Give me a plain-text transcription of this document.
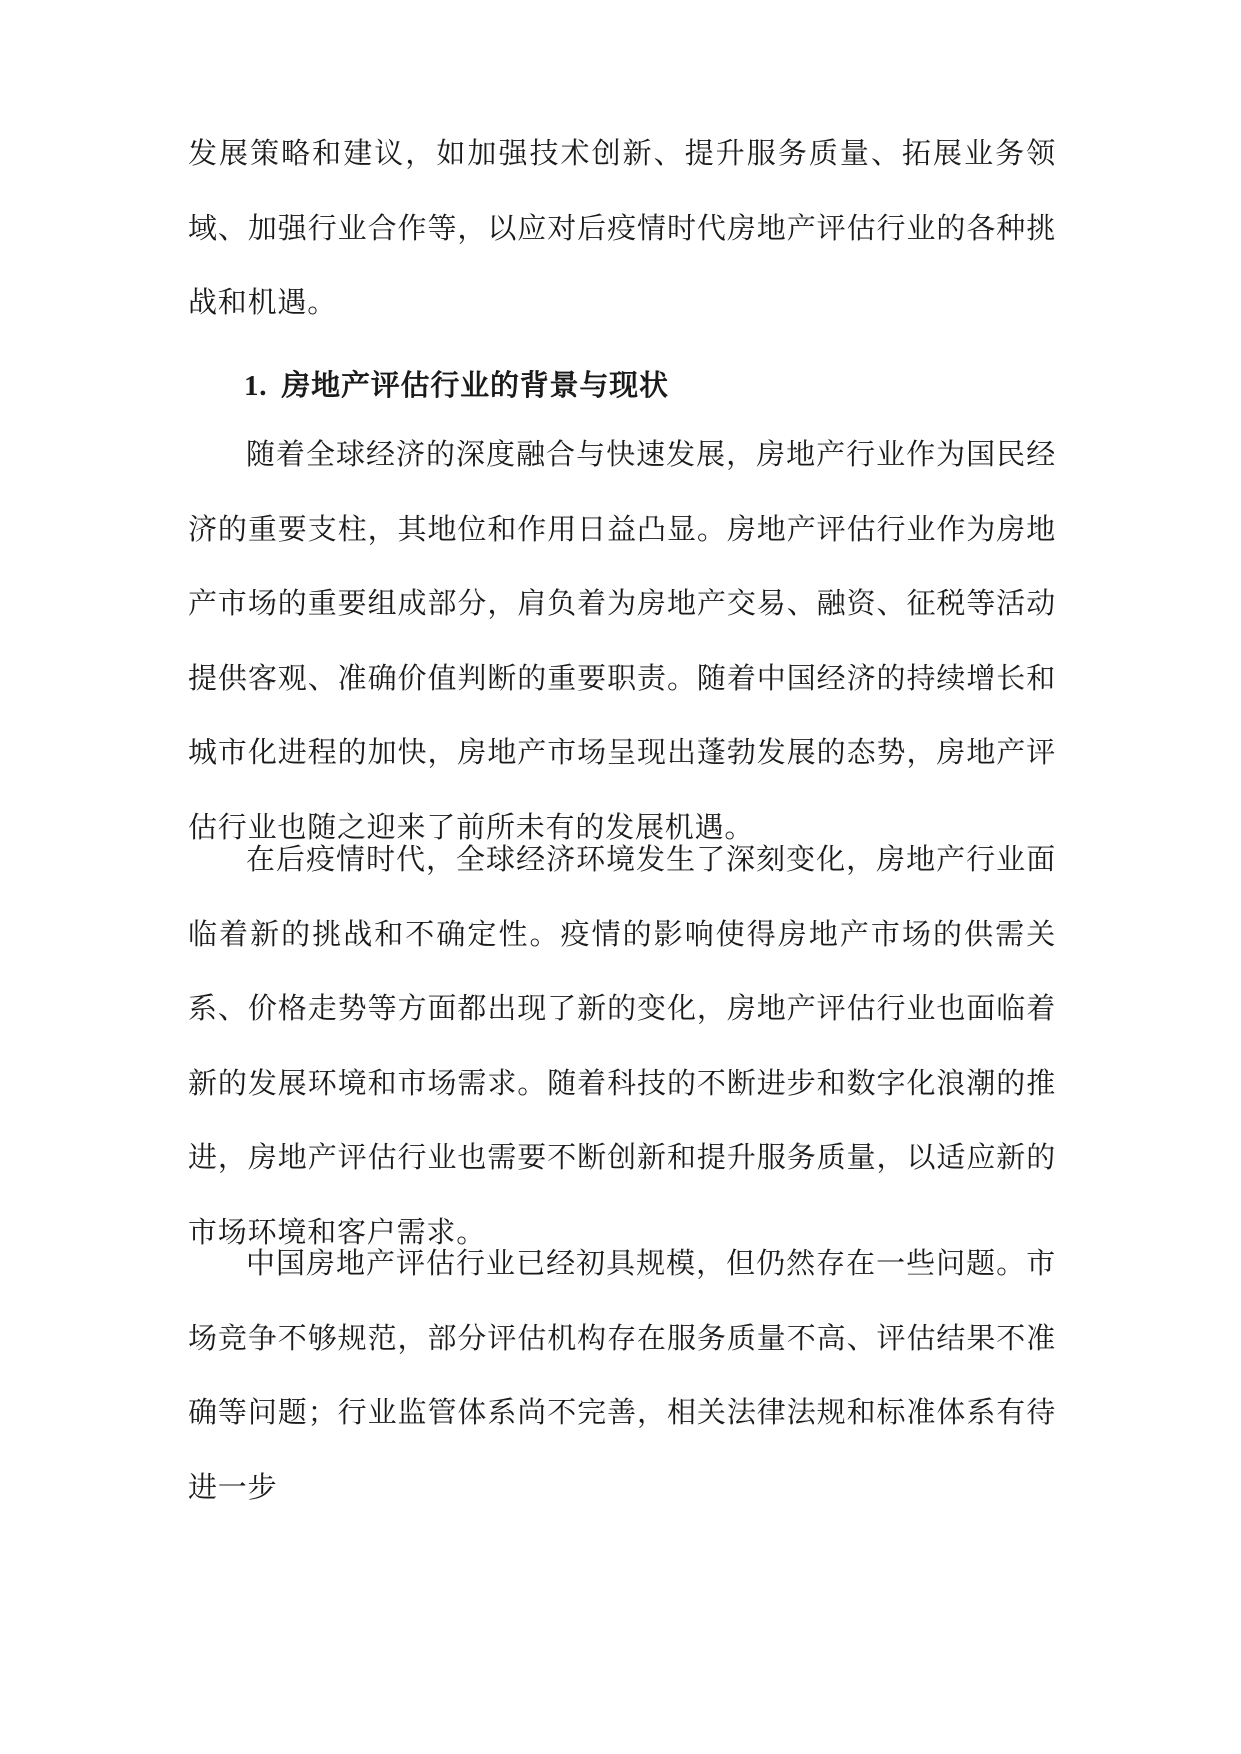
发展策略和建议，如加强技术创新、提升服务质量、拓展业务领域、加强行业合作等，以应对后疫情时代房地产评估行业的各种挑战和机遇。

1. 房地产评估行业的背景与现状

随着全球经济的深度融合与快速发展，房地产行业作为国民经济的重要支柱，其地位和作用日益凸显。房地产评估行业作为房地产市场的重要组成部分，肩负着为房地产交易、融资、征税等活动提供客观、准确价值判断的重要职责。随着中国经济的持续增长和城市化进程的加快，房地产市场呈现出蓬勃发展的态势，房地产评估行业也随之迎来了前所未有的发展机遇。

在后疫情时代，全球经济环境发生了深刻变化，房地产行业面临着新的挑战和不确定性。疫情的影响使得房地产市场的供需关系、价格走势等方面都出现了新的变化，房地产评估行业也面临着新的发展环境和市场需求。随着科技的不断进步和数字化浪潮的推进，房地产评估行业也需要不断创新和提升服务质量，以适应新的市场环境和客户需求。

中国房地产评估行业已经初具规模，但仍然存在一些问题。市场竞争不够规范，部分评估机构存在服务质量不高、评估结果不准确等问题；行业监管体系尚不完善，相关法律法规和标准体系有待进一步
